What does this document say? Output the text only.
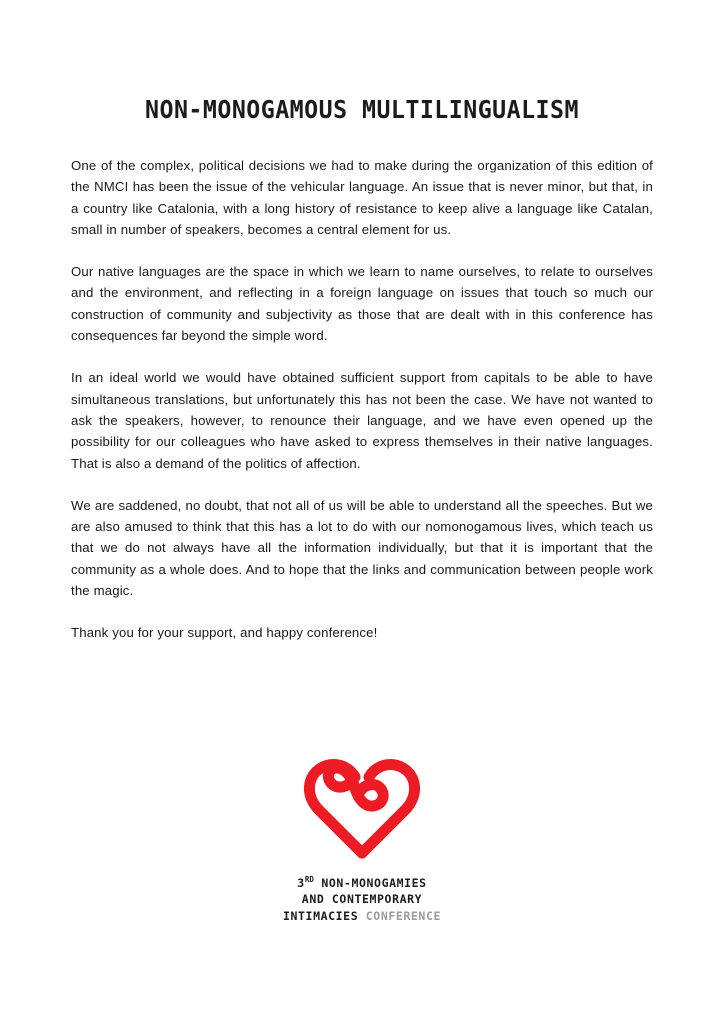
NON-MONOGAMOUS MULTILINGUALISM

One of the complex, political decisions we had to make during the organization of this edition of the NMCI has been the issue of the vehicular language. An issue that is never minor, but that, in a country like Catalonia, with a long history of resistance to keep alive a language like Catalan, small in number of speakers, becomes a central element for us.

Our native languages are the space in which we learn to name ourselves, to relate to ourselves and the environment, and reflecting in a foreign language on issues that touch so much our construction of community and subjectivity as those that are dealt with in this conference has consequences far beyond the simple word.

In an ideal world we would have obtained sufficient support from capitals to be able to have simultaneous translations, but unfortunately this has not been the case. We have not wanted to ask the speakers, however, to renounce their language, and we have even opened up the possibility for our colleagues who have asked to express themselves in their native languages. That is also a demand of the politics of affection.

We are saddened, no doubt, that not all of us will be able to understand all the speeches. But we are also amused to think that this has a lot to do with our nomonogamous lives, which teach us that we do not always have all the information individually, but that it is important that the community as a whole does. And to hope that the links and communication between people work the magic.

Thank you for your support, and happy conference!

3RD NON-MONOGAMIES
AND CONTEMPORARY
INTIMACIES CONFERENCE
